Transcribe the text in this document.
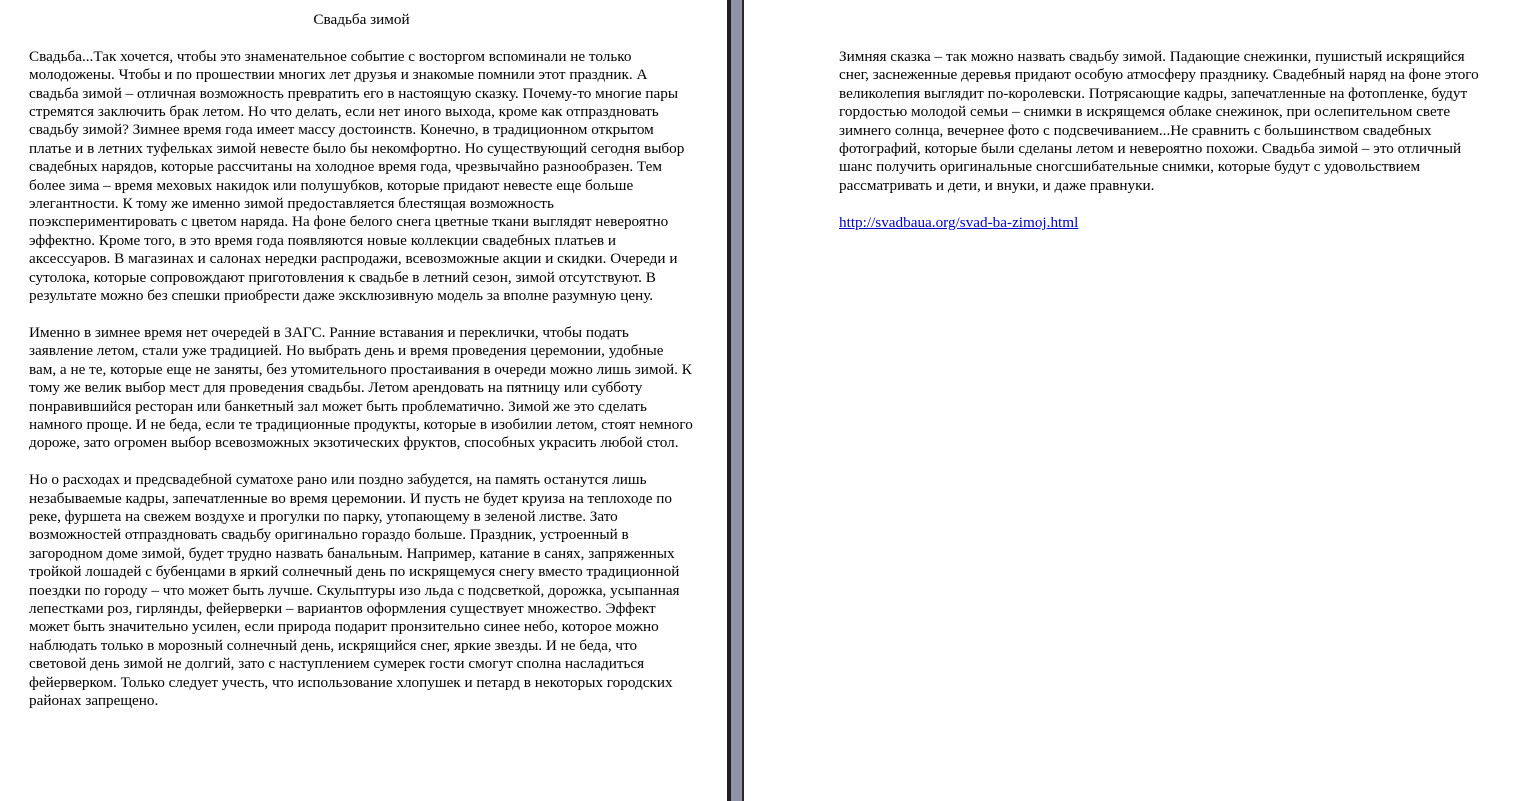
Свадьба зимой

Свадьба...Так хочется, чтобы это знаменательное событие с восторгом вспоминали не только молодожены. Чтобы и по прошествии многих лет друзья и знакомые помнили этот праздник. А свадьба зимой – отличная возможность превратить его в настоящую сказку. Почему-то многие пары стремятся заключить брак летом. Но что делать, если нет иного выхода, кроме как отпраздновать свадьбу зимой? Зимнее время года имеет массу достоинств. Конечно, в традиционном открытом платье и в летних туфельках зимой невесте было бы некомфортно. Но существующий сегодня выбор свадебных нарядов, которые рассчитаны на холодное время года, чрезвычайно разнообразен. Тем более зима – время меховых накидок или полушубков, которые придают невесте еще больше элегантности. К тому же именно зимой предоставляется блестящая возможность поэкспериментировать с цветом наряда. На фоне белого снега цветные ткани выглядят невероятно эффектно. Кроме того, в это время года появляются новые коллекции свадебных платьев и аксессуаров. В магазинах и салонах нередки распродажи, всевозможные акции и скидки. Очереди и сутолока, которые сопровождают приготовления к свадьбе в летний сезон, зимой отсутствуют. В результате можно без спешки приобрести даже эксклюзивную модель за вполне разумную цену.

Именно в зимнее время нет очередей в ЗАГС. Ранние вставания и переклички, чтобы подать заявление летом, стали уже традицией. Но выбрать день и время проведения церемонии, удобные вам, а не те, которые еще не заняты, без утомительного простаивания в очереди можно лишь зимой. К тому же велик выбор мест для проведения свадьбы. Летом арендовать на пятницу или субботу понравившийся ресторан или банкетный зал может быть проблематично. Зимой же это сделать намного проще. И не беда, если те традиционные продукты, которые в изобилии летом, стоят немного дороже, зато огромен выбор всевозможных экзотических фруктов, способных украсить любой стол.

Но о расходах и предсвадебной суматохе рано или поздно забудется, на память останутся лишь незабываемые кадры, запечатленные во время церемонии. И пусть не будет круиза на теплоходе по реке, фуршета на свежем воздухе и прогулки по парку, утопающему в зеленой листве. Зато возможностей отпраздновать свадьбу оригинально гораздо больше. Праздник, устроенный в загородном доме зимой, будет трудно назвать банальным. Например, катание в санях, запряженных тройкой лошадей с бубенцами в яркий солнечный день по искрящемуся снегу вместо традиционной поездки по городу – что может быть лучше. Скульптуры изо льда с подсветкой, дорожка, усыпанная лепестками роз, гирлянды, фейерверки – вариантов оформления существует множество. Эффект может быть значительно усилен, если природа подарит пронзительно синее небо, которое можно наблюдать только в морозный солнечный день, искрящийся снег, яркие звезды. И не беда, что световой день зимой не долгий, зато с наступлением сумерек гости смогут сполна насладиться фейерверком. Только следует учесть, что использование хлопушек и петард в некоторых городских районах запрещено.

Зимняя сказка – так можно назвать свадьбу зимой. Падающие снежинки, пушистый искрящийся снег, заснеженные деревья придают особую атмосферу празднику. Свадебный наряд на фоне этого великолепия выглядит по-королевски. Потрясающие кадры, запечатленные на фотопленке, будут гордостью молодой семьи – снимки в искрящемся облаке снежинок, при ослепительном свете зимнего солнца, вечернее фото с подсвечиванием...Не сравнить с большинством свадебных фотографий, которые были сделаны летом и невероятно похожи. Свадьба зимой – это отличный шанс получить оригинальные сногсшибательные снимки, которые будут с удовольствием рассматривать и дети, и внуки, и даже правнуки.

http://svadbaua.org/svad-ba-zimoj.html
